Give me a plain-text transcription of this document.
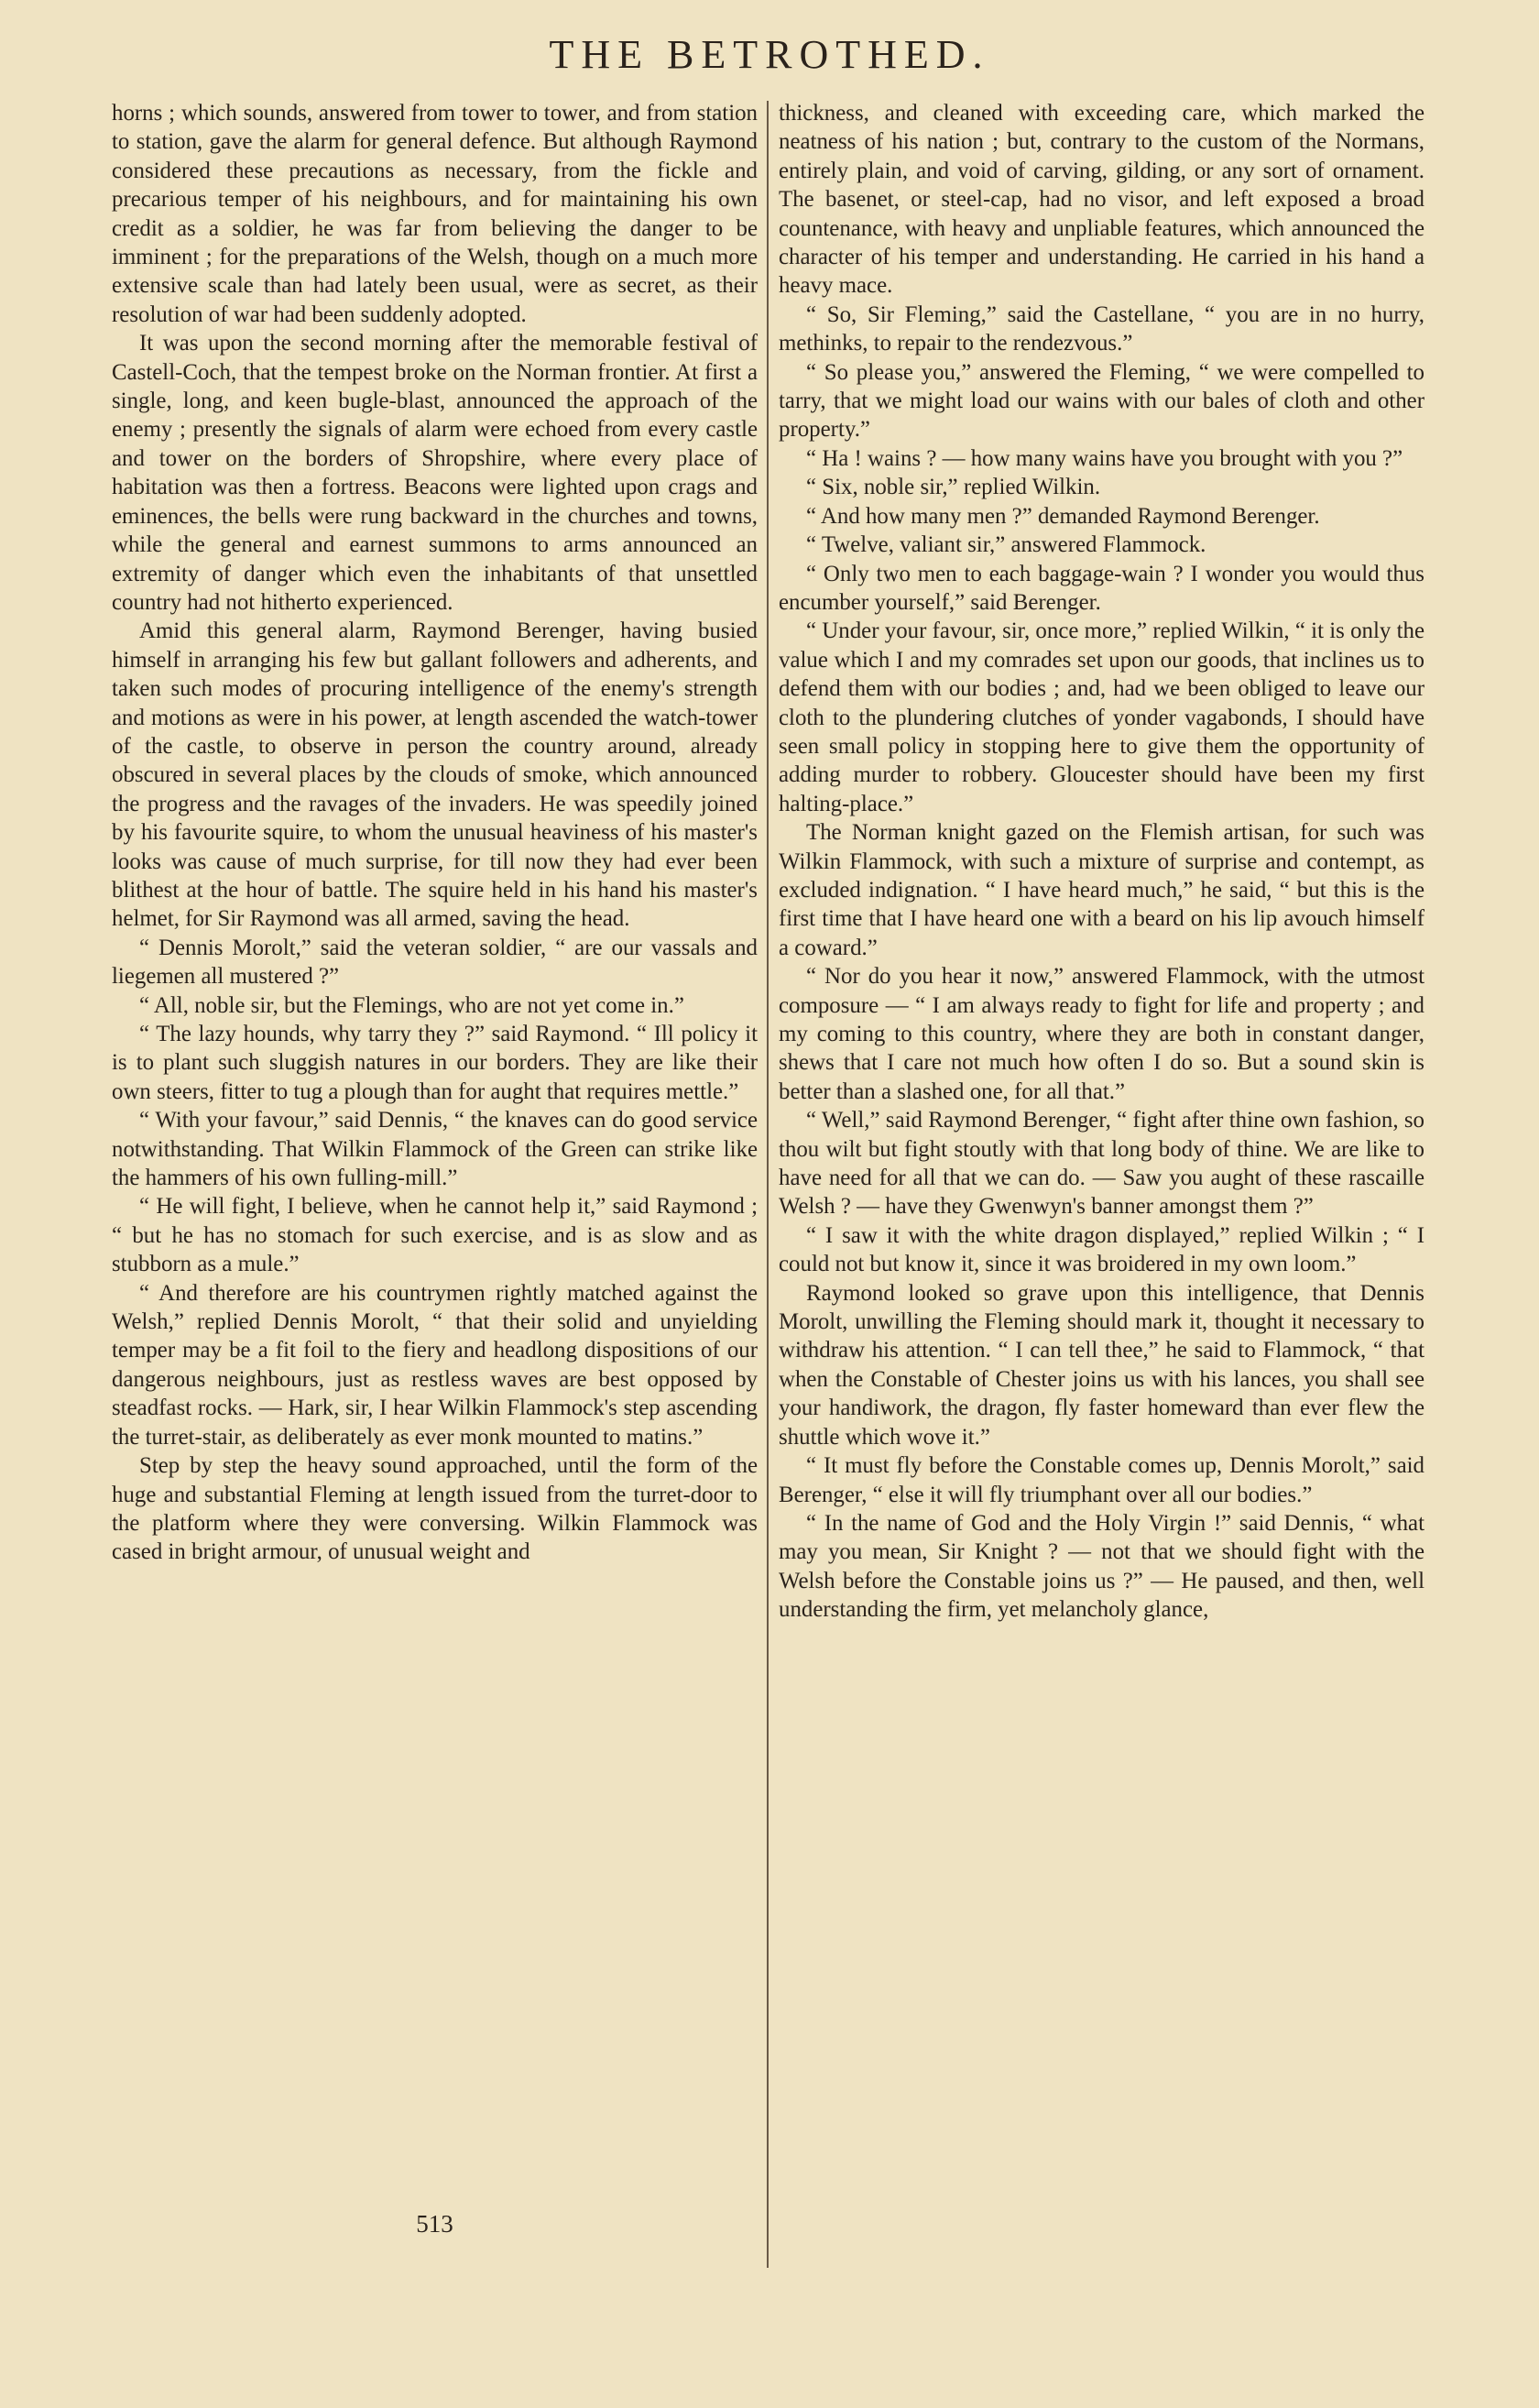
THE BETROTHED.

horns ; which sounds, answered from tower to tower, and from station to station, gave the alarm for general defence. But although Raymond considered these precautions as necessary, from the fickle and precarious temper of his neighbours, and for maintaining his own credit as a soldier, he was far from believing the danger to be imminent ; for the preparations of the Welsh, though on a much more extensive scale than had lately been usual, were as secret, as their resolution of war had been suddenly adopted.

It was upon the second morning after the memorable festival of Castell-Coch, that the tempest broke on the Norman frontier. At first a single, long, and keen bugle-blast, announced the approach of the enemy ; presently the signals of alarm were echoed from every castle and tower on the borders of Shropshire, where every place of habitation was then a fortress. Beacons were lighted upon crags and eminences, the bells were rung backward in the churches and towns, while the general and earnest summons to arms announced an extremity of danger which even the inhabitants of that unsettled country had not hitherto experienced.

Amid this general alarm, Raymond Berenger, having busied himself in arranging his few but gallant followers and adherents, and taken such modes of procuring intelligence of the enemy's strength and motions as were in his power, at length ascended the watch-tower of the castle, to observe in person the country around, already obscured in several places by the clouds of smoke, which announced the progress and the ravages of the invaders. He was speedily joined by his favourite squire, to whom the unusual heaviness of his master's looks was cause of much surprise, for till now they had ever been blithest at the hour of battle. The squire held in his hand his master's helmet, for Sir Raymond was all armed, saving the head.

“ Dennis Morolt,” said the veteran soldier, “ are our vassals and liegemen all mustered ?”

“ All, noble sir, but the Flemings, who are not yet come in.”

“ The lazy hounds, why tarry they ?” said Raymond. “ Ill policy it is to plant such sluggish natures in our borders. They are like their own steers, fitter to tug a plough than for aught that requires mettle.”

“ With your favour,” said Dennis, “ the knaves can do good service notwithstanding. That Wilkin Flammock of the Green can strike like the hammers of his own fulling-mill.”

“ He will fight, I believe, when he cannot help it,” said Raymond ; “ but he has no stomach for such exercise, and is as slow and as stubborn as a mule.”

“ And therefore are his countrymen rightly matched against the Welsh,” replied Dennis Morolt, “ that their solid and unyielding temper may be a fit foil to the fiery and headlong dispositions of our dangerous neighbours, just as restless waves are best opposed by steadfast rocks. — Hark, sir, I hear Wilkin Flammock's step ascending the turret-stair, as deliberately as ever monk mounted to matins.”

Step by step the heavy sound approached, until the form of the huge and substantial Fleming at length issued from the turret-door to the platform where they were conversing. Wilkin Flammock was cased in bright armour, of unusual weight and

thickness, and cleaned with exceeding care, which marked the neatness of his nation ; but, contrary to the custom of the Normans, entirely plain, and void of carving, gilding, or any sort of ornament. The basenet, or steel-cap, had no visor, and left exposed a broad countenance, with heavy and unpliable features, which announced the character of his temper and understanding. He carried in his hand a heavy mace.

“ So, Sir Fleming,” said the Castellane, “ you are in no hurry, methinks, to repair to the rendezvous.”

“ So please you,” answered the Fleming, “ we were compelled to tarry, that we might load our wains with our bales of cloth and other property.”

“ Ha ! wains ? — how many wains have you brought with you ?”

“ Six, noble sir,” replied Wilkin.

“ And how many men ?” demanded Raymond Berenger.

“ Twelve, valiant sir,” answered Flammock.

“ Only two men to each baggage-wain ? I wonder you would thus encumber yourself,” said Berenger.

“ Under your favour, sir, once more,” replied Wilkin, “ it is only the value which I and my comrades set upon our goods, that inclines us to defend them with our bodies ; and, had we been obliged to leave our cloth to the plundering clutches of yonder vagabonds, I should have seen small policy in stopping here to give them the opportunity of adding murder to robbery. Gloucester should have been my first halting-place.”

The Norman knight gazed on the Flemish artisan, for such was Wilkin Flammock, with such a mixture of surprise and contempt, as excluded indignation. “ I have heard much,” he said, “ but this is the first time that I have heard one with a beard on his lip avouch himself a coward.”

“ Nor do you hear it now,” answered Flammock, with the utmost composure — “ I am always ready to fight for life and property ; and my coming to this country, where they are both in constant danger, shews that I care not much how often I do so. But a sound skin is better than a slashed one, for all that.”

“ Well,” said Raymond Berenger, “ fight after thine own fashion, so thou wilt but fight stoutly with that long body of thine. We are like to have need for all that we can do. — Saw you aught of these rascaille Welsh ? — have they Gwenwyn's banner amongst them ?”

“ I saw it with the white dragon displayed,” replied Wilkin ; “ I could not but know it, since it was broidered in my own loom.”

Raymond looked so grave upon this intelligence, that Dennis Morolt, unwilling the Fleming should mark it, thought it necessary to withdraw his attention. “ I can tell thee,” he said to Flammock, “ that when the Constable of Chester joins us with his lances, you shall see your handiwork, the dragon, fly faster homeward than ever flew the shuttle which wove it.”

“ It must fly before the Constable comes up, Dennis Morolt,” said Berenger, “ else it will fly triumphant over all our bodies.”

“ In the name of God and the Holy Virgin !” said Dennis, “ what may you mean, Sir Knight ? — not that we should fight with the Welsh before the Constable joins us ?” — He paused, and then, well understanding the firm, yet melancholy glance,

513
